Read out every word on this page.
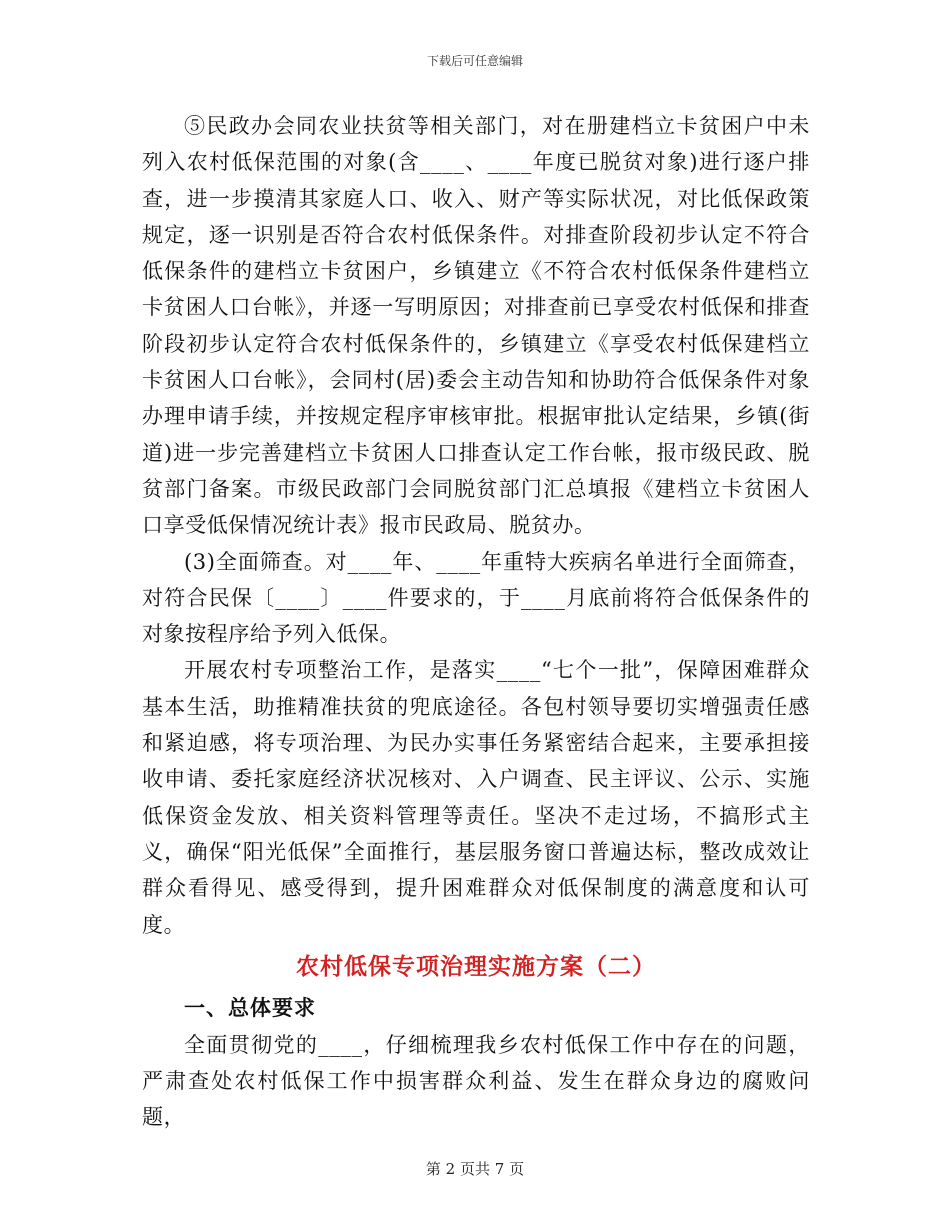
下载后可任意编辑

⑤民政办会同农业扶贫等相关部门，对在册建档立卡贫困户中未列入农村低保范围的对象(含____、____年度已脱贫对象)进行逐户排查，进一步摸清其家庭人口、收入、财产等实际状况，对比低保政策规定，逐一识别是否符合农村低保条件。对排查阶段初步认定不符合低保条件的建档立卡贫困户，乡镇建立《不符合农村低保条件建档立卡贫困人口台帐》，并逐一写明原因；对排查前已享受农村低保和排查阶段初步认定符合农村低保条件的，乡镇建立《享受农村低保建档立卡贫困人口台帐》，会同村(居)委会主动告知和协助符合低保条件对象办理申请手续，并按规定程序审核审批。根据审批认定结果，乡镇(街道)进一步完善建档立卡贫困人口排查认定工作台帐，报市级民政、脱贫部门备案。市级民政部门会同脱贫部门汇总填报《建档立卡贫困人口享受低保情况统计表》报市民政局、脱贫办。

(3)全面筛查。对____年、____年重特大疾病名单进行全面筛查，对符合民保〔____〕____件要求的，于____月底前将符合低保条件的对象按程序给予列入低保。

开展农村专项整治工作，是落实____“七个一批”，保障困难群众基本生活，助推精准扶贫的兜底途径。各包村领导要切实增强责任感和紧迫感，将专项治理、为民办实事任务紧密结合起来，主要承担接收申请、委托家庭经济状况核对、入户调查、民主评议、公示、实施低保资金发放、相关资料管理等责任。坚决不走过场，不搞形式主义，确保“阳光低保”全面推行，基层服务窗口普遍达标，整改成效让群众看得见、感受得到，提升困难群众对低保制度的满意度和认可度。

农村低保专项治理实施方案（二）
一、总体要求

全面贯彻党的____，仔细梳理我乡农村低保工作中存在的问题，严肃查处农村低保工作中损害群众利益、发生在群众身边的腐败问题，

第 2 页共 7 页
